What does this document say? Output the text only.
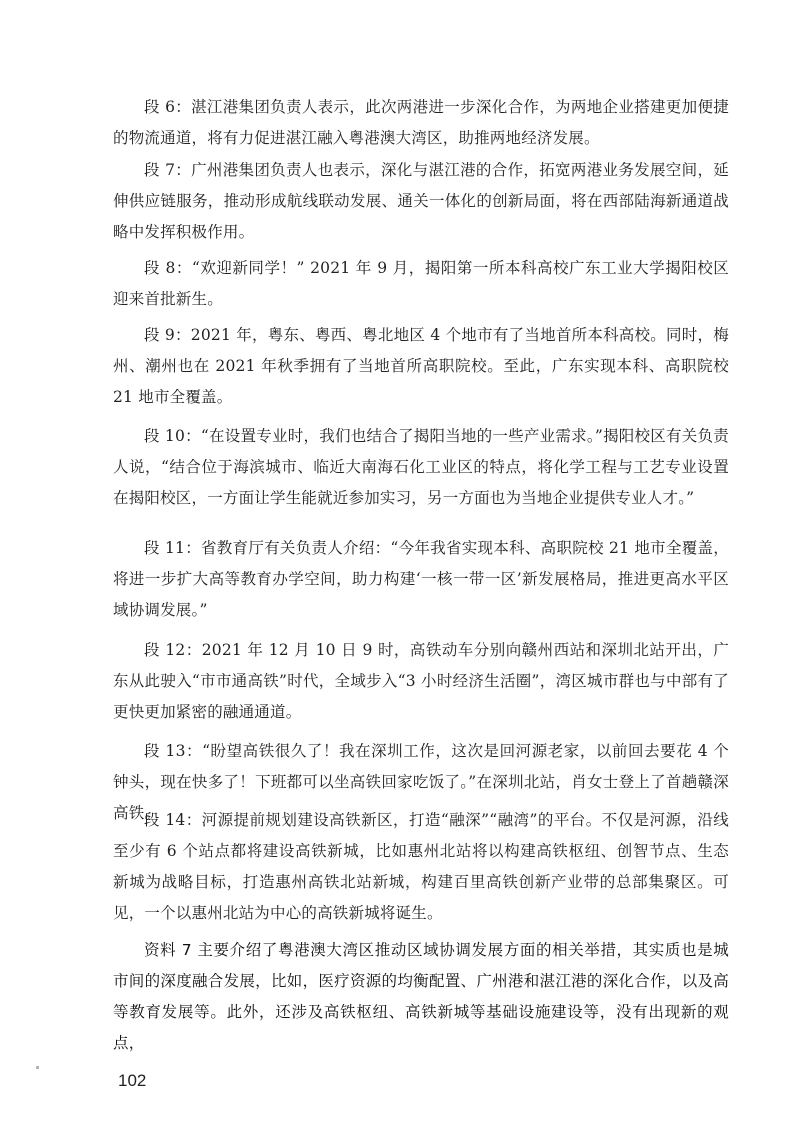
段 6：湛江港集团负责人表示，此次两港进一步深化合作，为两地企业搭建更加便捷的物流通道，将有力促进湛江融入粤港澳大湾区，助推两地经济发展。

段 7：广州港集团负责人也表示，深化与湛江港的合作，拓宽两港业务发展空间，延伸供应链服务，推动形成航线联动发展、通关一体化的创新局面，将在西部陆海新通道战略中发挥积极作用。

段 8：“欢迎新同学！” 2021 年 9 月，揭阳第一所本科高校广东工业大学揭阳校区迎来首批新生。

段 9：2021 年，粤东、粤西、粤北地区 4 个地市有了当地首所本科高校。同时，梅州、潮州也在 2021 年秋季拥有了当地首所高职院校。至此，广东实现本科、高职院校 21 地市全覆盖。

段 10：“在设置专业时，我们也结合了揭阳当地的一些产业需求。”揭阳校区有关负责人说，“结合位于海滨城市、临近大南海石化工业区的特点，将化学工程与工艺专业设置在揭阳校区，一方面让学生能就近参加实习，另一方面也为当地企业提供专业人才。”

段 11：省教育厅有关负责人介绍：“今年我省实现本科、高职院校 21 地市全覆盖，将进一步扩大高等教育办学空间，助力构建‘一核一带一区’新发展格局，推进更高水平区域协调发展。”

段 12：2021 年 12 月 10 日 9 时，高铁动车分别向赣州西站和深圳北站开出，广东从此驶入“市市通高铁”时代，全域步入“3 小时经济生活圈”，湾区城市群也与中部有了更快更加紧密的融通通道。

段 13：“盼望高铁很久了！我在深圳工作，这次是回河源老家，以前回去要花 4 个钟头，现在快多了！下班都可以坐高铁回家吃饭了。”在深圳北站，肖女士登上了首趟赣深高铁。

段 14：河源提前规划建设高铁新区，打造“融深”“融湾”的平台。不仅是河源，沿线至少有 6 个站点都将建设高铁新城，比如惠州北站将以构建高铁枢纽、创智节点、生态新城为战略目标，打造惠州高铁北站新城，构建百里高铁创新产业带的总部集聚区。可见，一个以惠州北站为中心的高铁新城将诞生。

资料 7 主要介绍了粤港澳大湾区推动区域协调发展方面的相关举措，其实质也是城市间的深度融合发展，比如，医疗资源的均衡配置、广州港和湛江港的深化合作，以及高等教育发展等。此外，还涉及高铁枢纽、高铁新城等基础设施建设等，没有出现新的观点，

102
